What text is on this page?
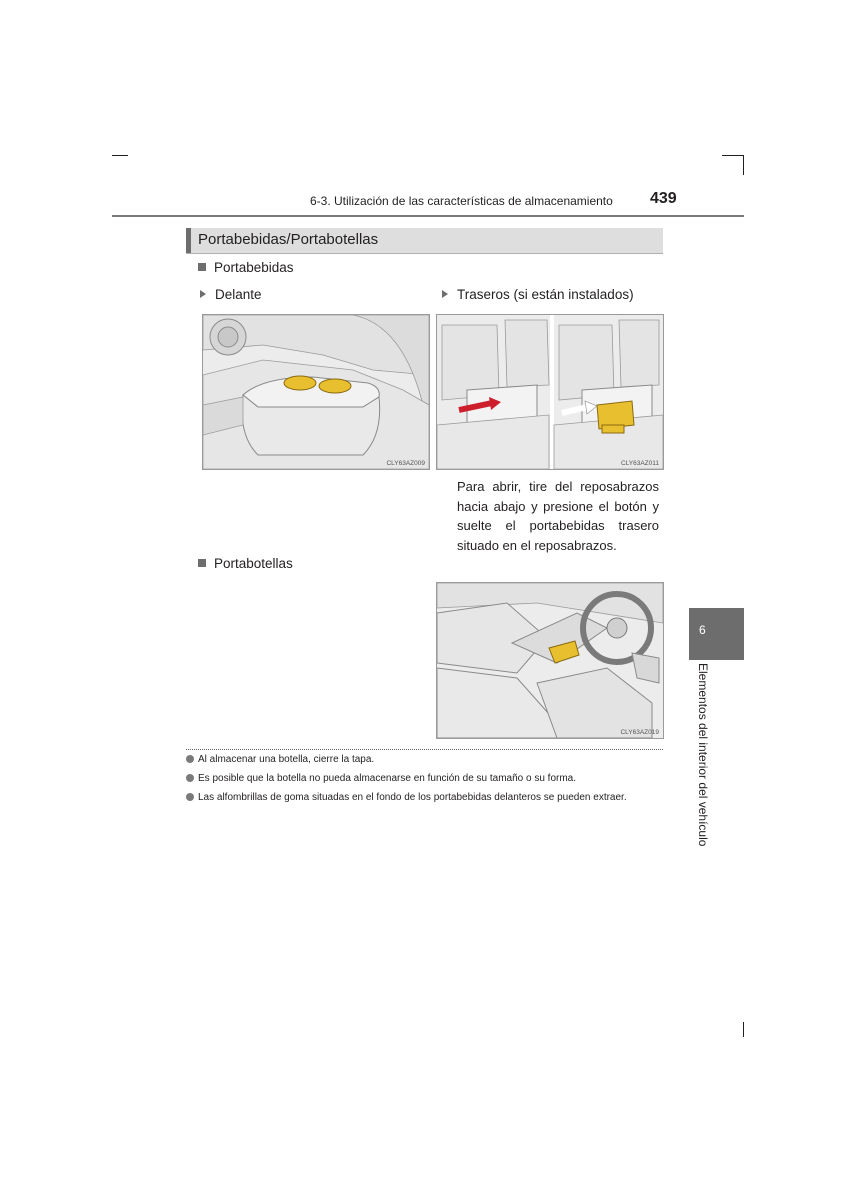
6-3. Utilización de las características de almacenamiento 439
Portabebidas/Portabotellas
Portabebidas
Delante	Traseros (si están instalados)
CLY63AZ009	CLY63AZ011
Para abrir, tire del reposabrazos hacia abajo y presione el botón y suelte el portabebidas trasero situado en el reposabrazos.
Portabotellas
CLY63AZ019
Al almacenar una botella, cierre la tapa.
Es posible que la botella no pueda almacenarse en función de su tamaño o su forma.
Las alfombrillas de goma situadas en el fondo de los portabebidas delanteros se pueden extraer.
6
Elementos del interior del vehículo
